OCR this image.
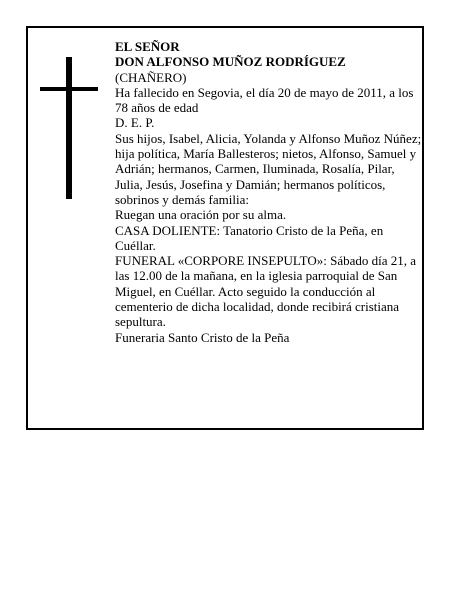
EL SEÑOR

DON ALFONSO MUÑOZ RODRÍGUEZ

(CHAÑERO)

Ha fallecido en Segovia, el día 20 de mayo de 2011, a los 78 años de edad

D. E. P.

Sus hijos, Isabel, Alicia, Yolanda y Alfonso Muñoz Núñez; hija política, María Ballesteros; nietos, Alfonso, Samuel y Adrián; hermanos, Carmen, Iluminada, Rosalía, Pilar, Julia, Jesús, Josefina y Damián; hermanos políticos, sobrinos y demás familia:

Ruegan una oración por su alma.

CASA DOLIENTE: Tanatorio Cristo de la Peña, en Cuéllar.

FUNERAL «CORPORE INSEPULTO»: Sábado día 21, a las 12.00 de la mañana, en la iglesia parroquial de San Miguel, en Cuéllar. Acto seguido la conducción al cementerio de dicha localidad, donde recibirá cristiana sepultura.

Funeraria Santo Cristo de la Peña
